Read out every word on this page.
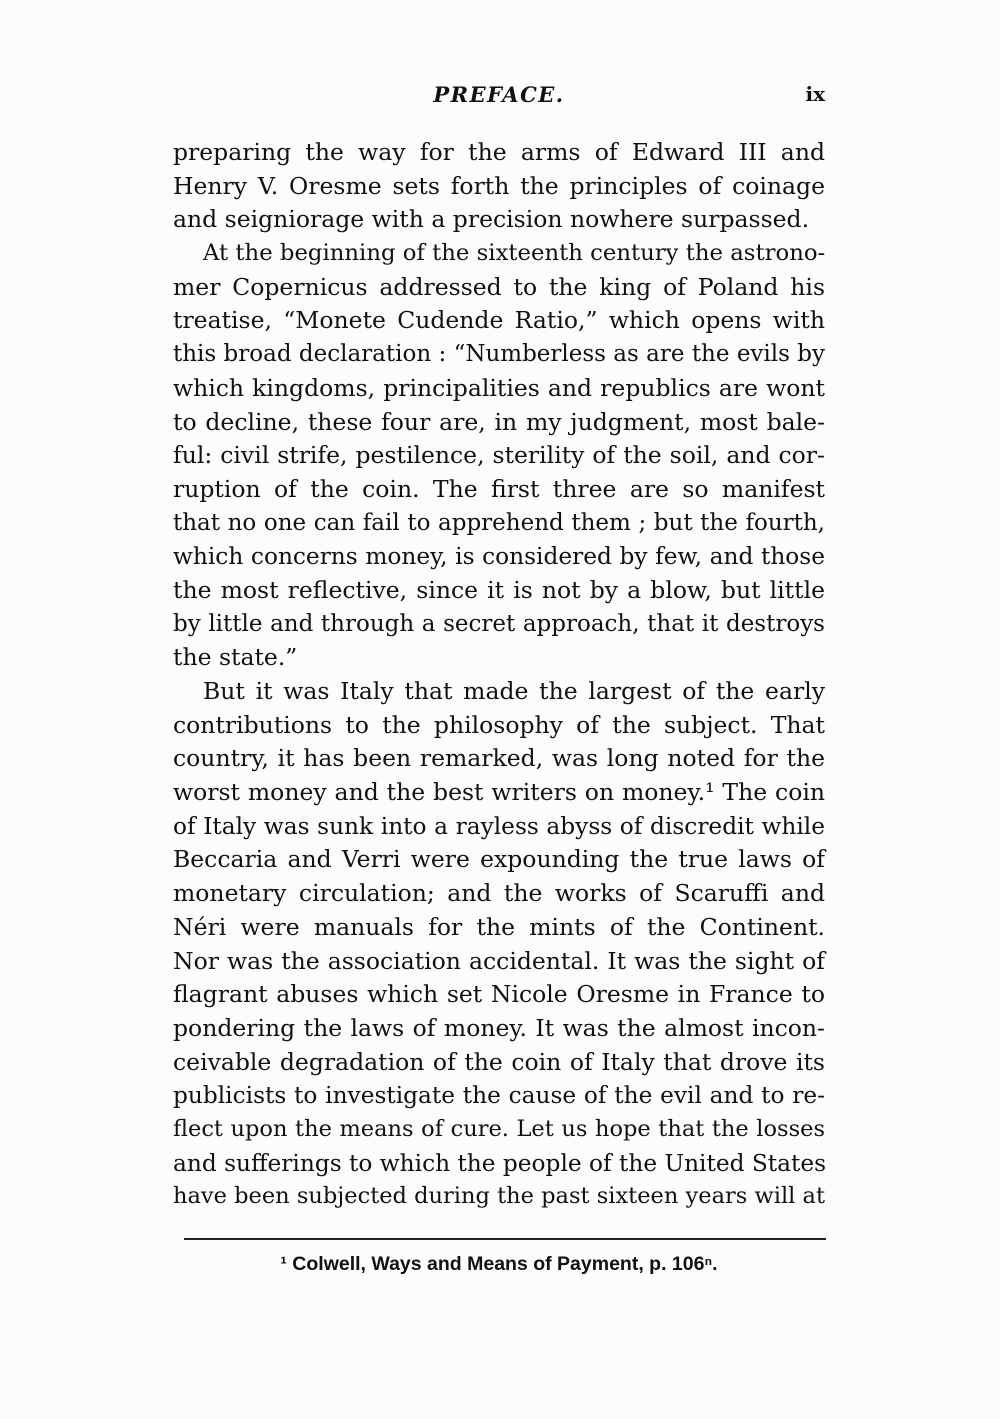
PREFACE.	ix
preparing the way for the arms of Edward III and
Henry V. Oresme sets forth the principles of coinage
and seigniorage with a precision nowhere surpassed.
At the beginning of the sixteenth century the astrono-
mer Copernicus addressed to the king of Poland his
treatise, “Monete Cudende Ratio,” which opens with
this broad declaration : “Numberless as are the evils by
which kingdoms, principalities and republics are wont
to decline, these four are, in my judgment, most bale-
ful: civil strife, pestilence, sterility of the soil, and cor-
ruption of the coin. The first three are so manifest
that no one can fail to apprehend them ; but the fourth,
which concerns money, is considered by few, and those
the most reflective, since it is not by a blow, but little
by little and through a secret approach, that it destroys
the state.”
But it was Italy that made the largest of the early
contributions to the philosophy of the subject. That
country, it has been remarked, was long noted for the
worst money and the best writers on money.¹ The coin
of Italy was sunk into a rayless abyss of discredit while
Beccaria and Verri were expounding the true laws of
monetary circulation; and the works of Scaruffi and
Néri were manuals for the mints of the Continent.
Nor was the association accidental. It was the sight of
flagrant abuses which set Nicole Oresme in France to
pondering the laws of money. It was the almost incon-
ceivable degradation of the coin of Italy that drove its
publicists to investigate the cause of the evil and to re-
flect upon the means of cure. Let us hope that the losses
and sufferings to which the people of the United States
have been subjected during the past sixteen years will at
¹ Colwell, Ways and Means of Payment, p. 106ⁿ.
